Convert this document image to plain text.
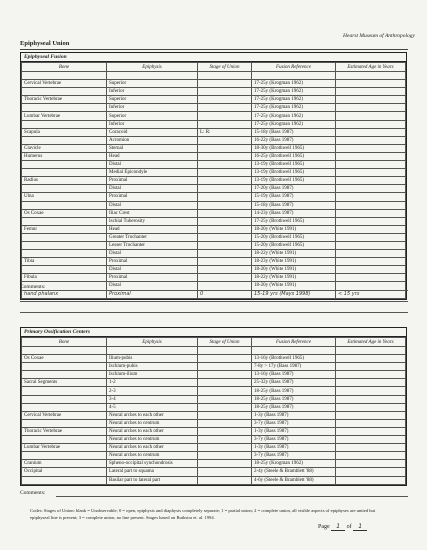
Hearst Museum of Anthropology
Epiphyseal Union
Epiphyseal Fusion
Bone	Epiphysis	Stage of Union	Fusion Reference	Estimated Age in Years

Cervical Vertebrae	Superior		17-25y (Krogman 1962)	
	Inferior		17-25y (Krogman 1962)	
Thoracic Vertebrae	Superior		17-25y (Krogman 1962)	
	Inferior		17-25y (Krogman 1962)	
Lumbar Vertebrae	Superior		17-25y (Krogman 1962)	
	Inferior		17-25y (Krogman 1962)	
Scapula	Coracoid	L: R:	15-18y (Bass 1987)	
	Acromion		16-22y (Bass 1987)	
Clavicle	Sternal		18-30y (Brothwell 1965)	
Humerus	Head		16-25y (Brothwell 1965)	
	Distal		13-19y (Brothwell 1965)	
	Medial Epicondyle		13-19y (Brothwell 1965)	
Radius	Proximal		13-19y (Brothwell 1965)	
	Distal		17-20y (Bass 1987)	
Ulna	Proximal		15-19y (Bass 1987)	
	Distal		15-18y (Bass 1987)	
Os Coxae	Iliac Crest		14-23y (Bass 1987)	
	Ischial Tuberosity		17-25y (Brothwell 1965)	
Femur	Head		18-20y (White 1991)	
	Greater Trochanter		15-20y (Brothwell 1965)	
	Lesser Trochanter		15-20y (Brothwell 1965)	
	Distal		18-22y (White 1991)	
Tibia	Proximal		18-23y (White 1991)	
	Distal		18-20y (White 1991)	
Fibula	Proximal		18-22y (White 1991)	
	Distal		18-20y (White 1991)	
hand phalanx	Proximal	0	15-19 yrs (Mays 1998)	< 15 yrs
Comments:
Primary Ossification Centers
Bone	Epiphysis	Stage of Union	Fusion Reference	Estimated Age in Years

Os Coxae	Ilium-pubis		13-16y (Brothwell 1965)	
	Ischium-pubis		7-8y > 17y (Bass 1987)	
	Ischium-ilium		13-16y (Bass 1987)	
Sacral Segments	1-2		25-32y (Bass 1987)	
	2-3		18-25y (Bass 1987)	
	3-4		18-25y (Bass 1987)	
	4-5		18-25y (Bass 1987)	
Cervical Vertebrae	Neural arches to each other		1-3y (Bass 1987)	
	Neural arches to centrum		3-7y (Bass 1987)	
Thoracic Vertebrae	Neural arches to each other		1-3y (Bass 1987)	
	Neural arches to centrum		3-7y (Bass 1987)	
Lumbar Vertebrae	Neural arches to each other		1-3y (Bass 1987)	
	Neural arches to centrum		3-7y (Bass 1987)	
Cranium	Spheno-occipital synchondrosis		18-25y (Krogman 1962)	
Occipital	Lateral part to squama		2-4y (Steele & Bramblett '88)	
	Basilar part to lateral part		4-6y (Steele & Bramblett '88)	
Comments:
Codes: Stages of Union: blank = Unobservable; 0 = open, epiphysis and diaphysis completely separate; 1 = partial union; 2 = complete union, all visible aspects of epiphyses are united but epiphyseal line is present; 3 = complete union, no line present. Stages based on Buikstra et. al. 1994.
Page 1 of 1
